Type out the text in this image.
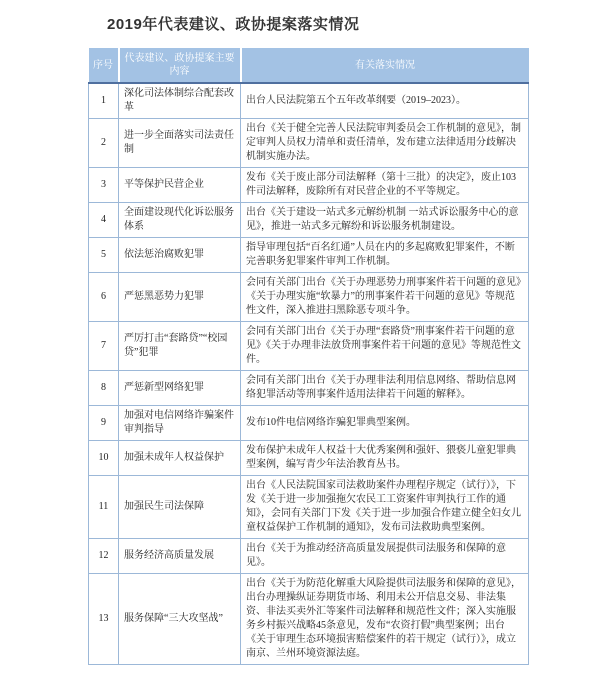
2019年代表建议、政协提案落实情况
序号	代表建议、政协提案主要内容	有关落实情况
1	深化司法体制综合配套改革	出台人民法院第五个五年改革纲要（2019–2023）。
2	进一步全面落实司法责任制	出台《关于健全完善人民法院审判委员会工作机制的意见》，制定审判人员权力清单和责任清单，发布建立法律适用分歧解决机制实施办法。
3	平等保护民营企业	发布《关于废止部分司法解释（第十三批）的决定》，废止103件司法解释，废除所有对民营企业的不平等规定。
4	全面建设现代化诉讼服务体系	出台《关于建设一站式多元解纷机制 一站式诉讼服务中心的意见》，推进一站式多元解纷和诉讼服务机制建设。
5	依法惩治腐败犯罪	指导审理包括“百名红通”人员在内的多起腐败犯罪案件，不断完善职务犯罪案件审判工作机制。
6	严惩黑恶势力犯罪	会同有关部门出台《关于办理恶势力刑事案件若干问题的意见》《关于办理实施“软暴力”的刑事案件若干问题的意见》等规范性文件，深入推进扫黑除恶专项斗争。
7	严厉打击“套路贷”“校园贷”犯罪	会同有关部门出台《关于办理“套路贷”刑事案件若干问题的意见》《关于办理非法放贷刑事案件若干问题的意见》等规范性文件。
8	严惩新型网络犯罪	会同有关部门出台《关于办理非法利用信息网络、帮助信息网络犯罪活动等刑事案件适用法律若干问题的解释》。
9	加强对电信网络诈骗案件审判指导	发布10件电信网络诈骗犯罪典型案例。
10	加强未成年人权益保护	发布保护未成年人权益十大优秀案例和强奸、猥亵儿童犯罪典型案例，编写青少年法治教育丛书。
11	加强民生司法保障	出台《人民法院国家司法救助案件办理程序规定（试行）》，下发《关于进一步加强拖欠农民工工资案件审判执行工作的通知》，会同有关部门下发《关于进一步加强合作建立健全妇女儿童权益保护工作机制的通知》，发布司法救助典型案例。
12	服务经济高质量发展	出台《关于为推动经济高质量发展提供司法服务和保障的意见》。
13	服务保障“三大攻坚战”	出台《关于为防范化解重大风险提供司法服务和保障的意见》，出台办理操纵证券期货市场、利用未公开信息交易、非法集资、非法买卖外汇等案件司法解释和规范性文件；深入实施服务乡村振兴战略45条意见，发布“农资打假”典型案例；出台《关于审理生态环境损害赔偿案件的若干规定（试行）》，成立南京、兰州环境资源法庭。
